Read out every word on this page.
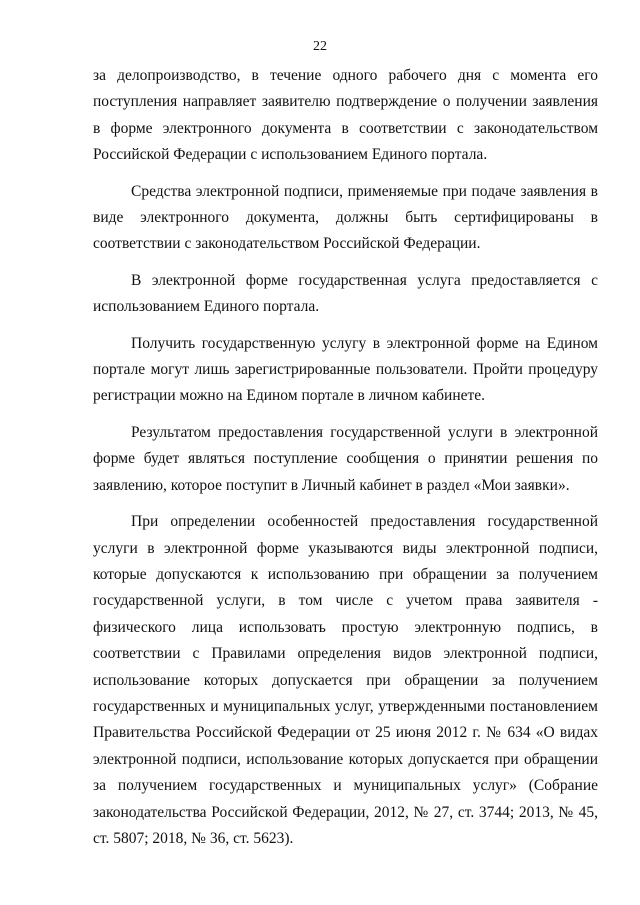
22

за делопроизводство, в течение одного рабочего дня с момента его поступления направляет заявителю подтверждение о получении заявления в форме электронного документа в соответствии с законодательством Российской Федерации с использованием Единого портала.

Средства электронной подписи, применяемые при подаче заявления в виде электронного документа, должны быть сертифицированы в соответствии с законодательством Российской Федерации.

В электронной форме государственная услуга предоставляется с использованием Единого портала.

Получить государственную услугу в электронной форме на Едином портале могут лишь зарегистрированные пользователи. Пройти процедуру регистрации можно на Едином портале в личном кабинете.

Результатом предоставления государственной услуги в электронной форме будет являться поступление сообщения о принятии решения по заявлению, которое поступит в Личный кабинет в раздел «Мои заявки».

При определении особенностей предоставления государственной услуги в электронной форме указываются виды электронной подписи, которые допускаются к использованию при обращении за получением государственной услуги, в том числе с учетом права заявителя - физического лица использовать простую электронную подпись, в соответствии с Правилами определения видов электронной подписи, использование которых допускается при обращении за получением государственных и муниципальных услуг, утвержденными постановлением Правительства Российской Федерации от 25 июня 2012 г. № 634 «О видах электронной подписи, использование которых допускается при обращении за получением государственных и муниципальных услуг» (Собрание законодательства Российской Федерации, 2012, № 27, ст. 3744; 2013, № 45, ст. 5807; 2018, № 36, ст. 5623).
